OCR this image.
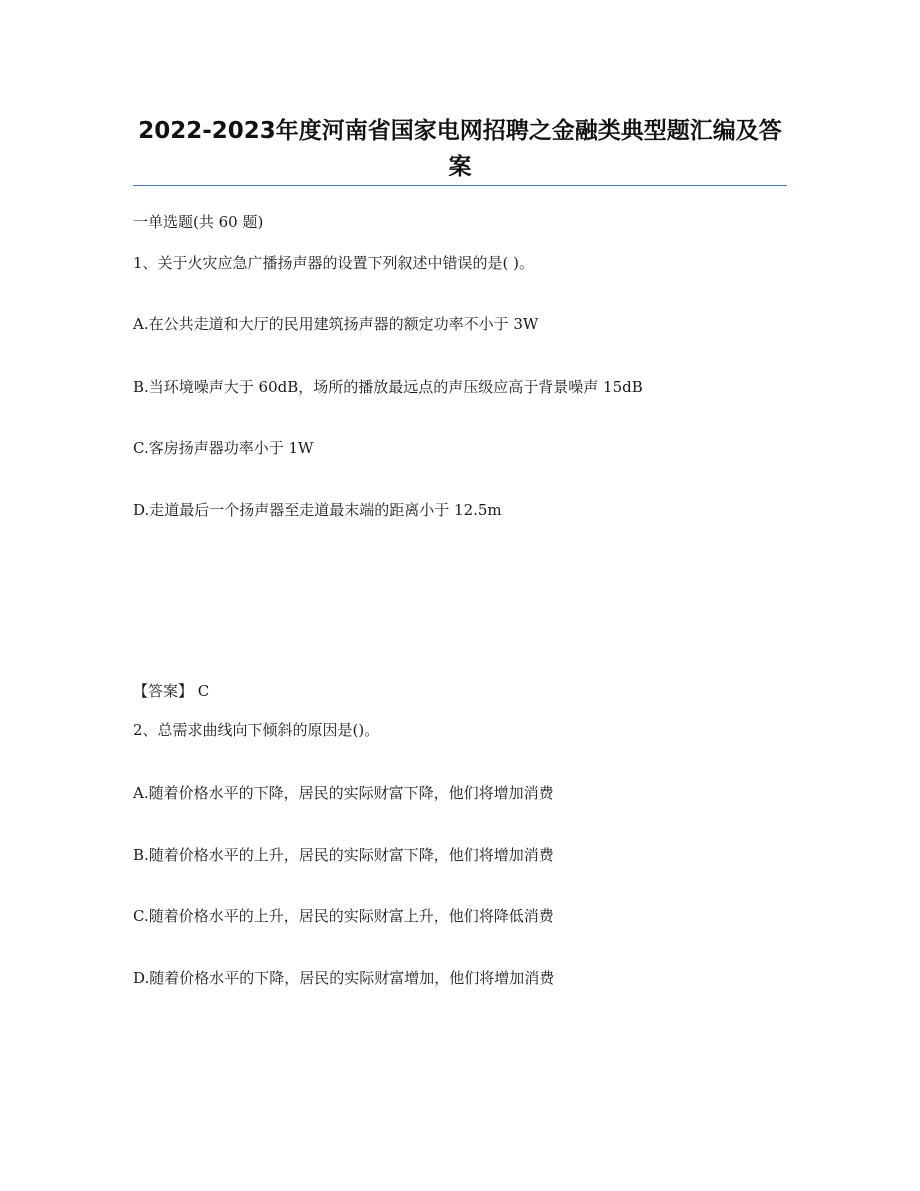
2022-2023年度河南省国家电网招聘之金融类典型题汇编及答案

一单选题(共 60 题)

1、关于火灾应急广播扬声器的设置下列叙述中错误的是( )。

A.在公共走道和大厅的民用建筑扬声器的额定功率不小于 3W

B.当环境噪声大于 60dB，场所的播放最远点的声压级应高于背景噪声 15dB

C.客房扬声器功率小于 1W

D.走道最后一个扬声器至走道最末端的距离小于 12.5m

【答案】 C

2、总需求曲线向下倾斜的原因是()。

A.随着价格水平的下降，居民的实际财富下降，他们将增加消费

B.随着价格水平的上升，居民的实际财富下降，他们将增加消费

C.随着价格水平的上升，居民的实际财富上升，他们将降低消费

D.随着价格水平的下降，居民的实际财富增加，他们将增加消费
